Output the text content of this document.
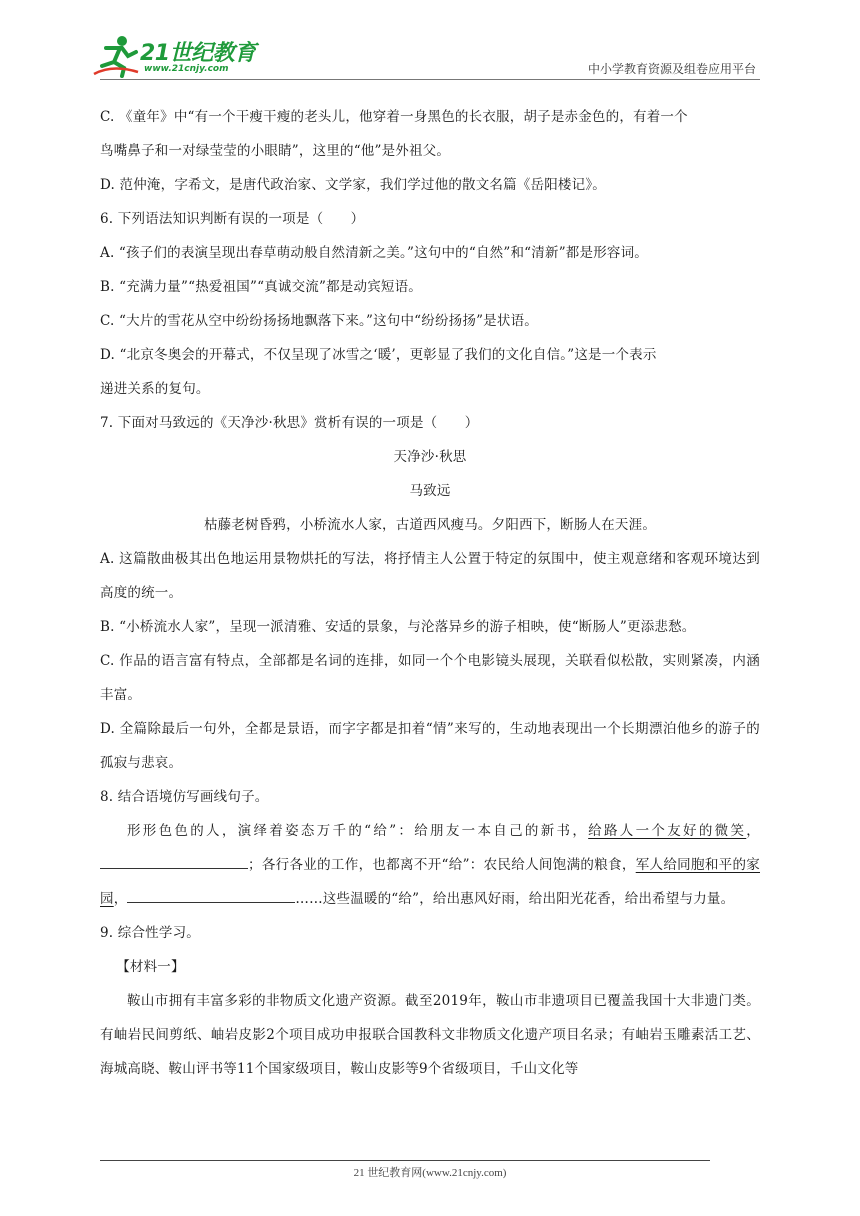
21世纪教育
www.21cnjy.com	中小学教育资源及组卷应用平台

C. 《童年》中“有一个干瘦干瘦的老头儿，他穿着一身黑色的长衣服，胡子是赤金色的，有着一个

鸟嘴鼻子和一对绿莹莹的小眼睛”，这里的“他”是外祖父。

D. 范仲淹，字希文，是唐代政治家、文学家，我们学过他的散文名篇《岳阳楼记》。

6. 下列语法知识判断有误的一项是（　　）

A. “孩子们的表演呈现出春草萌动般自然清新之美。”这句中的“自然”和“清新”都是形容词。

B. “充满力量”“热爱祖国”“真诚交流”都是动宾短语。

C. “大片的雪花从空中纷纷扬扬地飘落下来。”这句中“纷纷扬扬”是状语。

D. “北京冬奥会的开幕式，不仅呈现了冰雪之‘暖’，更彰显了我们的文化自信。”这是一个表示

递进关系的复句。

7. 下面对马致远的《天净沙·秋思》赏析有误的一项是（　　）

天净沙·秋思

马致远

枯藤老树昏鸦，小桥流水人家，古道西风瘦马。夕阳西下，断肠人在天涯。

A. 这篇散曲极其出色地运用景物烘托的写法，将抒情主人公置于特定的氛围中，使主观意绪和客观环境达到高度的统一。

B. “小桥流水人家”，呈现一派清雅、安适的景象，与沦落异乡的游子相映，使“断肠人”更添悲愁。

C. 作品的语言富有特点，全部都是名词的连排，如同一个个电影镜头展现，关联看似松散，实则紧凑，内涵丰富。

D. 全篇除最后一句外，全都是景语，而字字都是扣着“情”来写的，生动地表现出一个长期漂泊他乡的游子的孤寂与悲哀。

8. 结合语境仿写画线句子。

形形色色的人，演绎着姿态万千的“给”：给朋友一本自己的新书，给路人一个友好的微笑，；各行各业的工作，也都离不开“给”：农民给人间饱满的粮食，军人给同胞和平的家园，	……这些温暖的“给”，给出惠风好雨，给出阳光花香，给出希望与力量。

9. 综合性学习。

【材料一】

鞍山市拥有丰富多彩的非物质文化遗产资源。截至2019年，鞍山市非遗项目已覆盖我国十大非遗门类。有岫岩民间剪纸、岫岩皮影2个项目成功申报联合国教科文非物质文化遗产项目名录；有岫岩玉雕素活工艺、海城高晓、鞍山评书等11个国家级项目，鞍山皮影等9个省级项目，千山文化等

21 世纪教育网(www.21cnjy.com)
